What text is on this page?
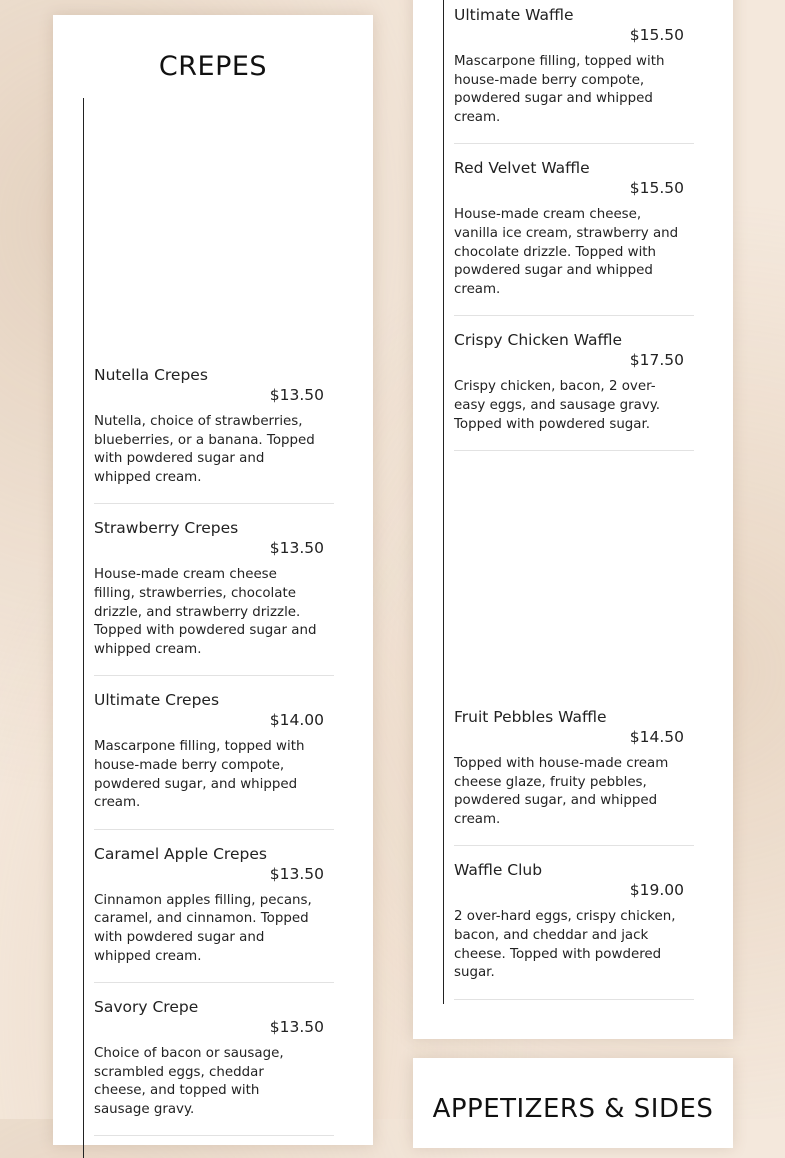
CREPES
Nutella Crepes
$13.50
Nutella, choice of strawberries, blueberries, or a banana. Topped with powdered sugar and whipped cream.
Strawberry Crepes
$13.50
House-made cream cheese filling, strawberries, chocolate drizzle, and strawberry drizzle. Topped with powdered sugar and whipped cream.
Ultimate Crepes
$14.00
Mascarpone filling, topped with house-made berry compote, powdered sugar, and whipped cream.
Caramel Apple Crepes
$13.50
Cinnamon apples filling, pecans, caramel, and cinnamon. Topped with powdered sugar and whipped cream.
Savory Crepe
$13.50
Choice of bacon or sausage, scrambled eggs, cheddar cheese, and topped with sausage gravy.
Ultimate Waffle
$15.50
Mascarpone filling, topped with house-made berry compote, powdered sugar and whipped cream.
Red Velvet Waffle
$15.50
House-made cream cheese, vanilla ice cream, strawberry and chocolate drizzle. Topped with powdered sugar and whipped cream.
Crispy Chicken Waffle
$17.50
Crispy chicken, bacon, 2 over-easy eggs, and sausage gravy. Topped with powdered sugar.
Fruit Pebbles Waffle
$14.50
Topped with house-made cream cheese glaze, fruity pebbles, powdered sugar, and whipped cream.
Waffle Club
$19.00
2 over-hard eggs, crispy chicken, bacon, and cheddar and jack cheese. Topped with powdered sugar.
APPETIZERS & SIDES
